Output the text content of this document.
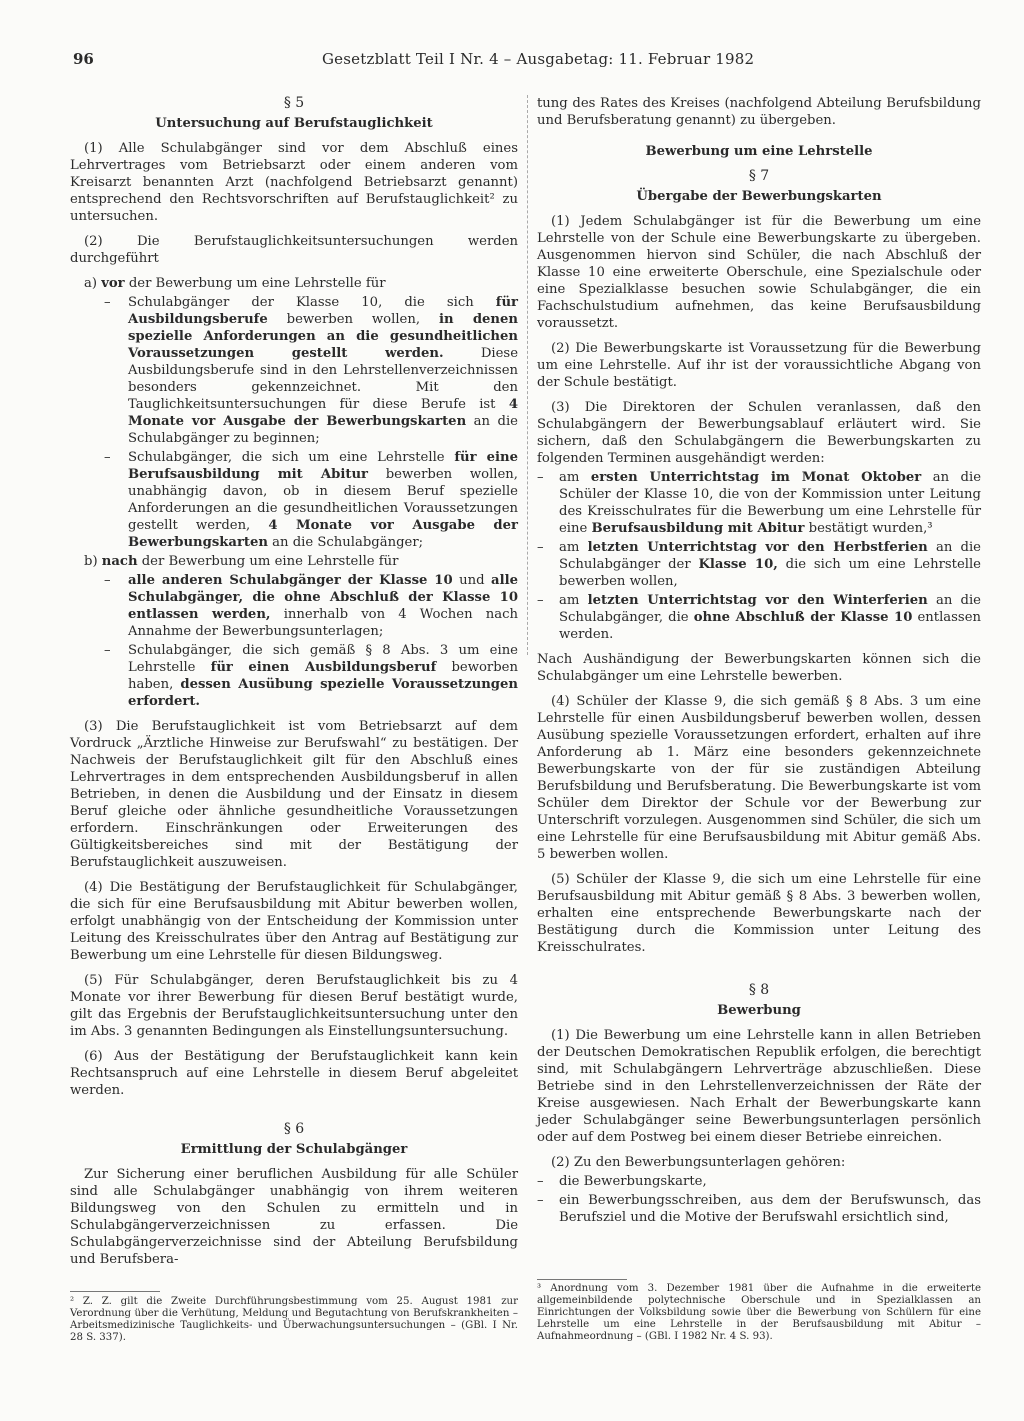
96	Gesetzblatt Teil I Nr. 4 – Ausgabetag: 11. Februar 1982
§ 5
Untersuchung auf Berufstauglichkeit

(1) Alle Schulabgänger sind vor dem Abschluß eines Lehrvertrages vom Betriebsarzt oder einem anderen vom Kreisarzt benannten Arzt (nachfolgend Betriebsarzt genannt) entsprechend den Rechtsvorschriften auf Berufstauglichkeit² zu untersuchen.

(2) Die Berufstauglichkeitsuntersuchungen werden durchgeführt

a) vor der Bewerbung um eine Lehrstelle für
– Schulabgänger der Klasse 10, die sich für Ausbildungsberufe bewerben wollen, in denen spezielle Anforderungen an die gesundheitlichen Voraussetzungen gestellt werden. Diese Ausbildungsberufe sind in den Lehrstellenverzeichnissen besonders gekennzeichnet. Mit den Tauglichkeitsuntersuchungen für diese Berufe ist 4 Monate vor Ausgabe der Bewerbungskarten an die Schulabgänger zu beginnen;
– Schulabgänger, die sich um eine Lehrstelle für eine Berufsausbildung mit Abitur bewerben wollen, unabhängig davon, ob in diesem Beruf spezielle Anforderungen an die gesundheitlichen Voraussetzungen gestellt werden, 4 Monate vor Ausgabe der Bewerbungskarten an die Schulabgänger;
b) nach der Bewerbung um eine Lehrstelle für
– alle anderen Schulabgänger der Klasse 10 und alle Schulabgänger, die ohne Abschluß der Klasse 10 entlassen werden, innerhalb von 4 Wochen nach Annahme der Bewerbungsunterlagen;
– Schulabgänger, die sich gemäß § 8 Abs. 3 um eine Lehrstelle für einen Ausbildungsberuf beworben haben, dessen Ausübung spezielle Voraussetzungen erfordert.

(3) Die Berufstauglichkeit ist vom Betriebsarzt auf dem Vordruck „Ärztliche Hinweise zur Berufswahl“ zu bestätigen. Der Nachweis der Berufstauglichkeit gilt für den Abschluß eines Lehrvertrages in dem entsprechenden Ausbildungsberuf in allen Betrieben, in denen die Ausbildung und der Einsatz in diesem Beruf gleiche oder ähnliche gesundheitliche Voraussetzungen erfordern. Einschränkungen oder Erweiterungen des Gültigkeitsbereiches sind mit der Bestätigung der Berufstauglichkeit auszuweisen.

(4) Die Bestätigung der Berufstauglichkeit für Schulabgänger, die sich für eine Berufsausbildung mit Abitur bewerben wollen, erfolgt unabhängig von der Entscheidung der Kommission unter Leitung des Kreisschulrates über den Antrag auf Bestätigung zur Bewerbung um eine Lehrstelle für diesen Bildungsweg.

(5) Für Schulabgänger, deren Berufstauglichkeit bis zu 4 Monate vor ihrer Bewerbung für diesen Beruf bestätigt wurde, gilt das Ergebnis der Berufstauglichkeitsuntersuchung unter den im Abs. 3 genannten Bedingungen als Einstellungsuntersuchung.

(6) Aus der Bestätigung der Berufstauglichkeit kann kein Rechtsanspruch auf eine Lehrstelle in diesem Beruf abgeleitet werden.

§ 6
Ermittlung der Schulabgänger

Zur Sicherung einer beruflichen Ausbildung für alle Schüler sind alle Schulabgänger unabhängig von ihrem weiteren Bildungsweg von den Schulen zu ermitteln und in Schulabgängerverzeichnissen zu erfassen. Die Schulabgängerverzeichnisse sind der Abteilung Berufsbildung und Berufsbera-

² Z. Z. gilt die Zweite Durchführungsbestimmung vom 25. August 1981 zur Verordnung über die Verhütung, Meldung und Begutachtung von Berufskrankheiten – Arbeitsmedizinische Tauglichkeits- und Überwachungsuntersuchungen – (GBl. I Nr. 28 S. 337).

tung des Rates des Kreises (nachfolgend Abteilung Berufsbildung und Berufsberatung genannt) zu übergeben.

Bewerbung um eine Lehrstelle
§ 7
Übergabe der Bewerbungskarten

(1) Jedem Schulabgänger ist für die Bewerbung um eine Lehrstelle von der Schule eine Bewerbungskarte zu übergeben. Ausgenommen hiervon sind Schüler, die nach Abschluß der Klasse 10 eine erweiterte Oberschule, eine Spezialschule oder eine Spezialklasse besuchen sowie Schulabgänger, die ein Fachschulstudium aufnehmen, das keine Berufsausbildung voraussetzt.

(2) Die Bewerbungskarte ist Voraussetzung für die Bewerbung um eine Lehrstelle. Auf ihr ist der voraussichtliche Abgang von der Schule bestätigt.

(3) Die Direktoren der Schulen veranlassen, daß den Schulabgängern der Bewerbungsablauf erläutert wird. Sie sichern, daß den Schulabgängern die Bewerbungskarten zu folgenden Terminen ausgehändigt werden:

– am ersten Unterrichtstag im Monat Oktober an die Schüler der Klasse 10, die von der Kommission unter Leitung des Kreisschulrates für die Bewerbung um eine Lehrstelle für eine Berufsausbildung mit Abitur bestätigt wurden,³
– am letzten Unterrichtstag vor den Herbstferien an die Schulabgänger der Klasse 10, die sich um eine Lehrstelle bewerben wollen,
– am letzten Unterrichtstag vor den Winterferien an die Schulabgänger, die ohne Abschluß der Klasse 10 entlassen werden.

Nach Aushändigung der Bewerbungskarten können sich die Schulabgänger um eine Lehrstelle bewerben.

(4) Schüler der Klasse 9, die sich gemäß § 8 Abs. 3 um eine Lehrstelle für einen Ausbildungsberuf bewerben wollen, dessen Ausübung spezielle Voraussetzungen erfordert, erhalten auf ihre Anforderung ab 1. März eine besonders gekennzeichnete Bewerbungskarte von der für sie zuständigen Abteilung Berufsbildung und Berufsberatung. Die Bewerbungskarte ist vom Schüler dem Direktor der Schule vor der Bewerbung zur Unterschrift vorzulegen. Ausgenommen sind Schüler, die sich um eine Lehrstelle für eine Berufsausbildung mit Abitur gemäß Abs. 5 bewerben wollen.

(5) Schüler der Klasse 9, die sich um eine Lehrstelle für eine Berufsausbildung mit Abitur gemäß § 8 Abs. 3 bewerben wollen, erhalten eine entsprechende Bewerbungskarte nach der Bestätigung durch die Kommission unter Leitung des Kreisschulrates.

§ 8
Bewerbung

(1) Die Bewerbung um eine Lehrstelle kann in allen Betrieben der Deutschen Demokratischen Republik erfolgen, die berechtigt sind, mit Schulabgängern Lehrverträge abzuschließen. Diese Betriebe sind in den Lehrstellenverzeichnissen der Räte der Kreise ausgewiesen. Nach Erhalt der Bewerbungskarte kann jeder Schulabgänger seine Bewerbungsunterlagen persönlich oder auf dem Postweg bei einem dieser Betriebe einreichen.

(2) Zu den Bewerbungsunterlagen gehören:

– die Bewerbungskarte,
– ein Bewerbungsschreiben, aus dem der Berufswunsch, das Berufsziel und die Motive der Berufswahl ersichtlich sind,
³ Anordnung vom 3. Dezember 1981 über die Aufnahme in die erweiterte allgemeinbildende polytechnische Oberschule und in Spezialklassen an Einrichtungen der Volksbildung sowie über die Bewerbung von Schülern für eine Lehrstelle um eine Lehrstelle in der Berufsausbildung mit Abitur – Aufnahmeordnung – (GBl. I 1982 Nr. 4 S. 93).
